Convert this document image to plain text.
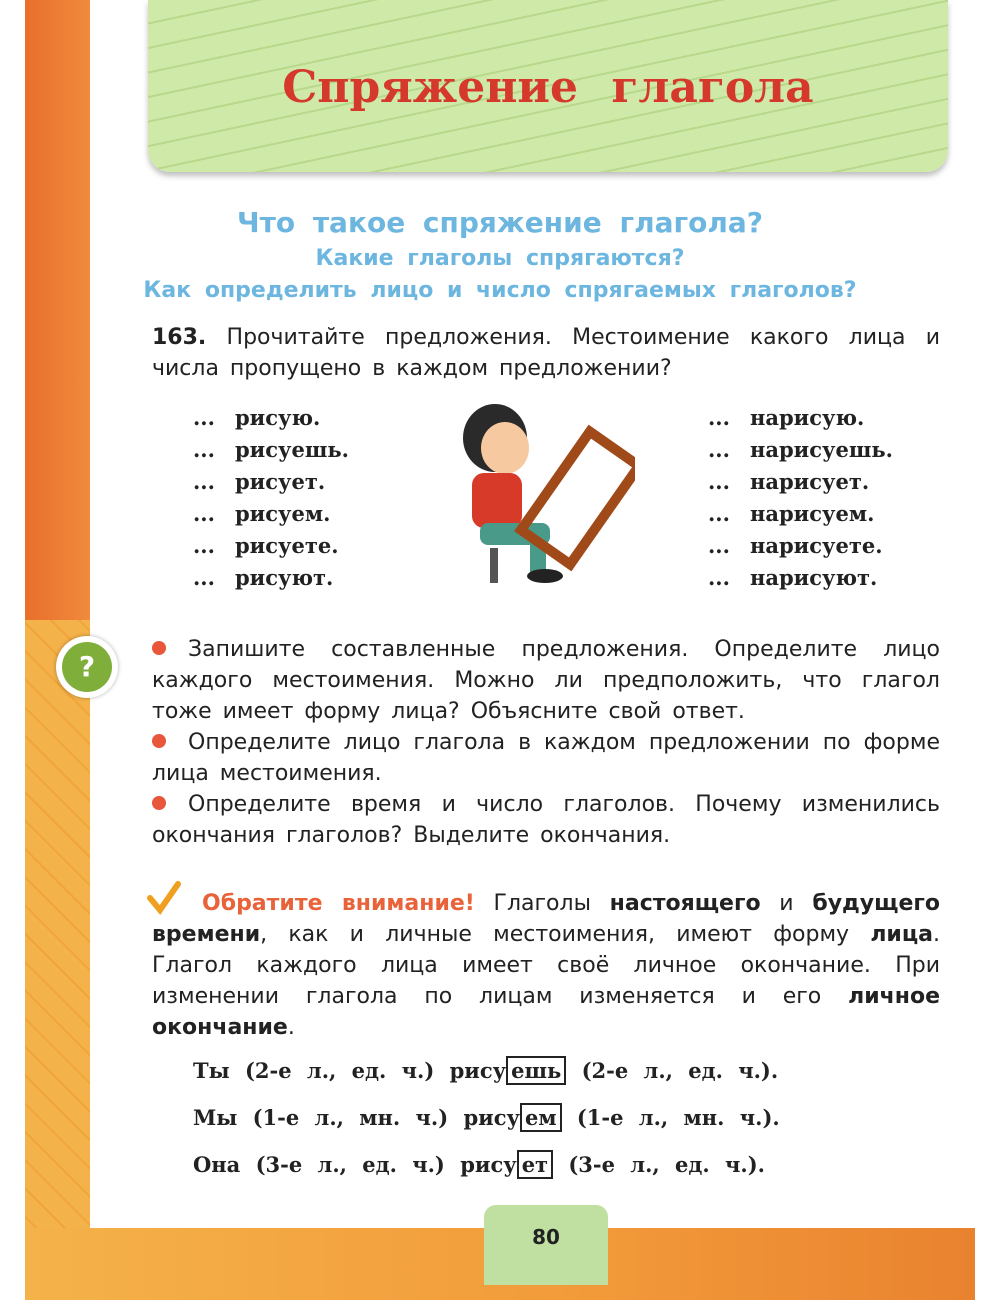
Спряжение глагола
Что такое спряжение глагола?
Какие глаголы спрягаются?
Как определить лицо и число спрягаемых глаголов?
163. Прочитайте предложения. Местоимение какого лица и числа пропущено в каждом предложении?
... рисую.
... рисуешь.
... рисует.
... рисуем.
... рисуете.
... рисуют.
... нарисую.
... нарисуешь.
... нарисует.
... нарисуем.
... нарисуете.
... нарисуют.
?
Запишите составленные предложения. Определите лицо каждого местоимения. Можно ли предположить, что глагол тоже имеет форму лица? Объясните свой ответ.
Определите лицо глагола в каждом предложении по форме лица местоимения.
Определите время и число глаголов. Почему изменились окончания глаголов? Выделите окончания.
Обратите внимание! Глаголы настоящего и будущего времени, как и личные местоимения, имеют форму лица. Глагол каждого лица имеет своё личное окончание. При изменении глагола по лицам изменяется и его личное окончание.
Ты (2-е л., ед. ч.) рису ешь (2-е л., ед. ч.).
Мы (1-е л., мн. ч.) рису ем (1-е л., мн. ч.).
Она (3-е л., ед. ч.) рису ет (3-е л., ед. ч.).
80
